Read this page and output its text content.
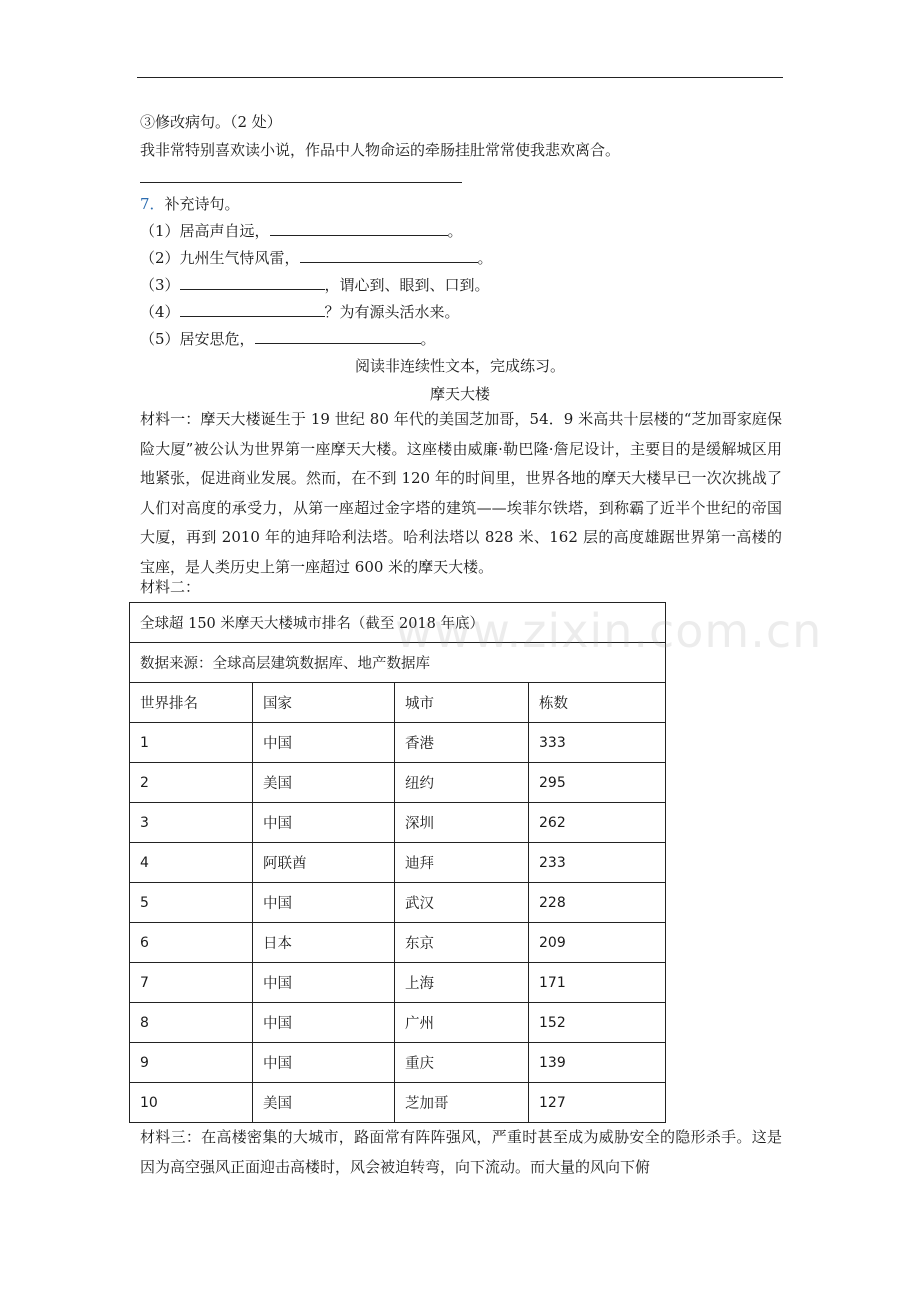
③修改病句。（2 处）
我非常特别喜欢读小说，作品中人物命运的牵肠挂肚常常使我悲欢离合。
7．补充诗句。
（1）居高声自远，	。
（2）九州生气恃风雷，	。
（3）	，谓心到、眼到、口到。
（4）	？为有源头活水来。
（5）居安思危，	。
阅读非连续性文本，完成练习。
摩天大楼
材料一：摩天大楼诞生于 19 世纪 80 年代的美国芝加哥，54．9 米高共十层楼的“芝加哥家庭保险大厦”被公认为世界第一座摩天大楼。这座楼由威廉·勒巴隆·詹尼设计，主要目的是缓解城区用地紧张，促进商业发展。然而，在不到 120 年的时间里，世界各地的摩天大楼早已一次次挑战了人们对高度的承受力，从第一座超过金字塔的建筑——埃菲尔铁塔，到称霸了近半个世纪的帝国大厦，再到 2010 年的迪拜哈利法塔。哈利法塔以 828 米、162 层的高度雄踞世界第一高楼的宝座，是人类历史上第一座超过 600 米的摩天大楼。
材料二：
全球超 150 米摩天大楼城市排名（截至 2018 年底）			
数据来源：全球高层建筑数据库、地产数据库			
世界排名	国家	城市	栋数
1	中国	香港	333
2	美国	纽约	295
3	中国	深圳	262
4	阿联酋	迪拜	233
5	中国	武汉	228
6	日本	东京	209
7	中国	上海	171
8	中国	广州	152
9	中国	重庆	139
10	美国	芝加哥	127
www.zixin.com.cn
材料三：在高楼密集的大城市，路面常有阵阵强风，严重时甚至成为威胁安全的隐形杀手。这是因为高空强风正面迎击高楼时，风会被迫转弯，向下流动。而大量的风向下俯
